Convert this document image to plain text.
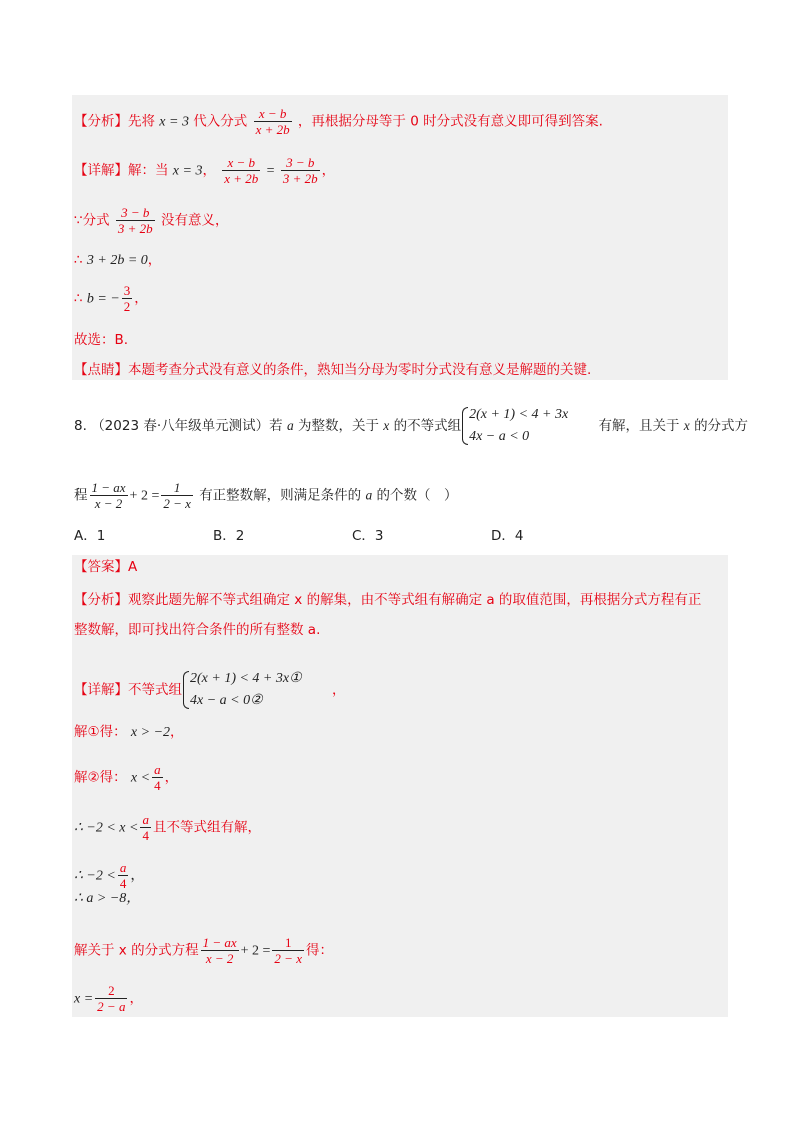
【分析】先将 x = 3 代入分式 $\frac{x - b}{x + 2b}$ ，再根据分母等于 0 时分式没有意义即可得到答案.
【详解】解：当 x = 3， $\frac{x - b}{x + 2b} = \frac{3 - b}{3 + 2b}$ ，
∵分式 $\frac{3 - b}{3 + 2b}$ 没有意义，
∴ 3 + 2b = 0，
∴ b = − $\frac{3}{2}$ ，
故选：B.
【点睛】本题考查分式没有意义的条件，熟知当分母为零时分式没有意义是解题的关键.
8. （2023 春·八年级单元测试）若 a 为整数，关于 x 的不等式组
2(x + 1) < 4 + 3x
4x − a < 0
有解，且关于 x 的分式方
程 $\frac{1 - ax}{x - 2} + 2 = \frac{1}{2 - x}$ 有正整数解，则满足条件的 a 的个数（　）
A．1	B．2	C．3	D．4
【答案】A
【分析】观察此题先解不等式组确定 x 的解集，由不等式组有解确定 a 的取值范围，再根据分式方程有正
整数解，即可找出符合条件的所有整数 a.
【详解】不等式组
2(x + 1) < 4 + 3x①
4x − a < 0②
，
解①得： x > −2，
解②得： $x < \frac{a}{4}$ ，
∴ $-2 < x < \frac{a}{4}$ 且不等式组有解，
∴ $-2 < \frac{a}{4}$ ，
∴ a > −8，
解关于 x 的分式方程 $\frac{1 - ax}{x - 2} + 2 = \frac{1}{2 - x}$ 得：
$x = \frac{2}{2 - a}$ ，
